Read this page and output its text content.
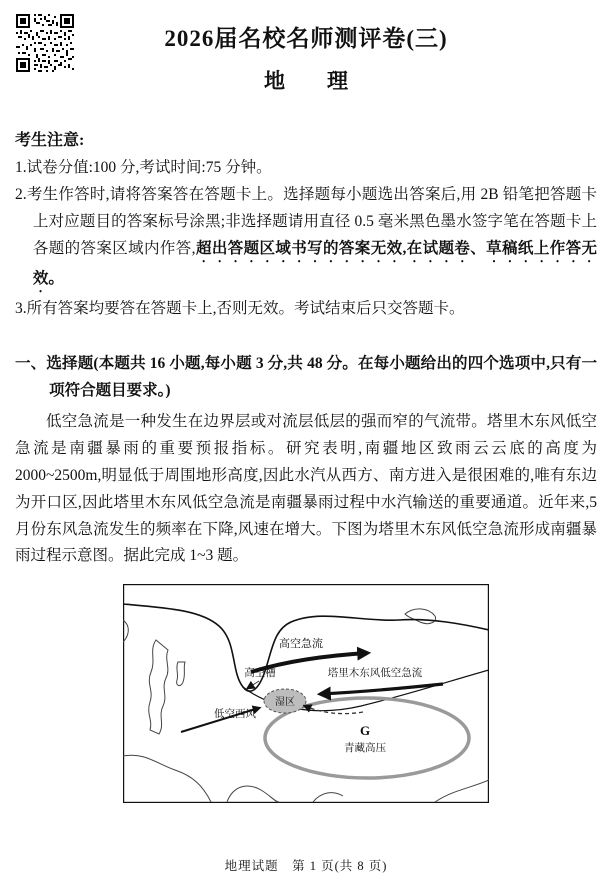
2026届名校名师测评卷(三)
地　　理

考生注意:

1.试卷分值:100 分,考试时间:75 分钟。

2.考生作答时,请将答案答在答题卡上。选择题每小题选出答案后,用 2B 铅笔把答题卡上对应题目的答案标号涂黑;非选择题请用直径 0.5 毫米黑色墨水签字笔在答题卡上各题的答案区域内作答,超出答题区域书写的答案无效,在试题卷、草稿纸上作答无效。

3.所有答案均要答在答题卡上,否则无效。考试结束后只交答题卡。

一、选择题(本题共 16 小题,每小题 3 分,共 48 分。在每小题给出的四个选项中,只有一项符合题目要求。)

低空急流是一种发生在边界层或对流层低层的强而窄的气流带。塔里木东风低空急流是南疆暴雨的重要预报指标。研究表明,南疆地区致雨云云底的高度为 2000~2500m,明显低于周围地形高度,因此水汽从西方、南方进入是很困难的,唯有东边为开口区,因此塔里木东风低空急流是南疆暴雨过程中水汽输送的重要通道。近年来,5 月份东风急流发生的频率在下降,风速在增大。下图为塔里木东风低空急流形成南疆暴雨过程示意图。据此完成 1~3 题。

高空急流
高空槽	塔里木东风低空急流
湿区
低空西风
G
青藏高压
地理试题　第 1 页(共 8 页)
